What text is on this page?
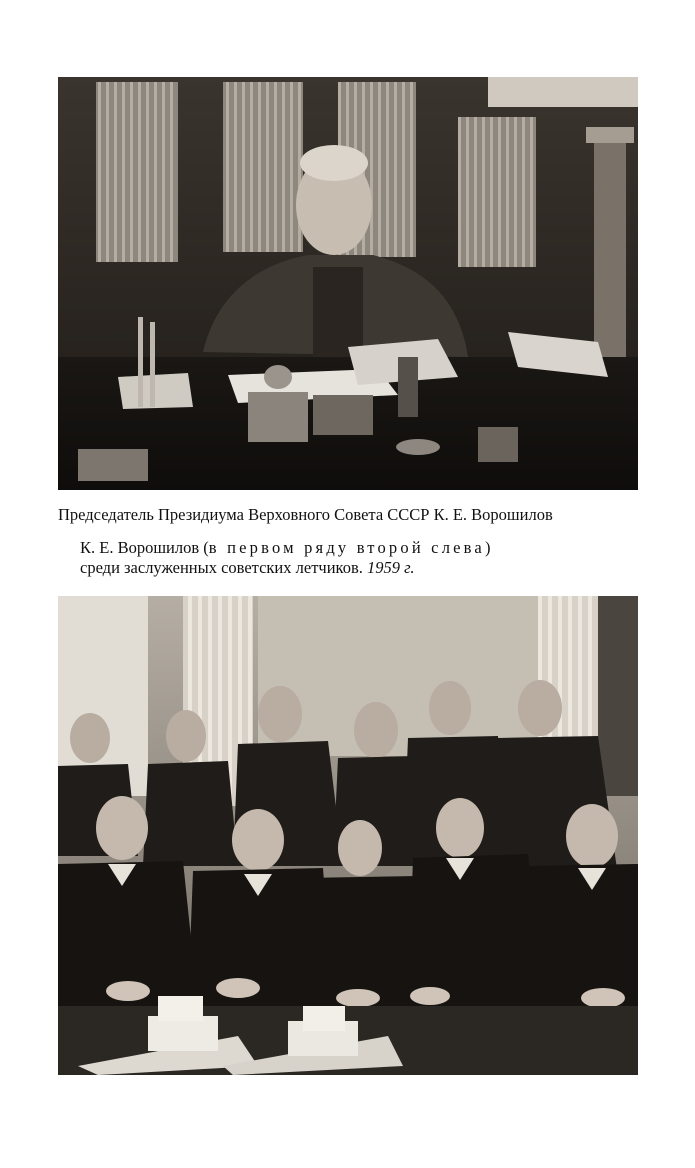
Председатель Президиума Верховного Совета СССР К. Е. Ворошилов
К. Е. Ворошилов (в первом ряду второй слева)
среди заслуженных советских летчиков. 1959 г.
